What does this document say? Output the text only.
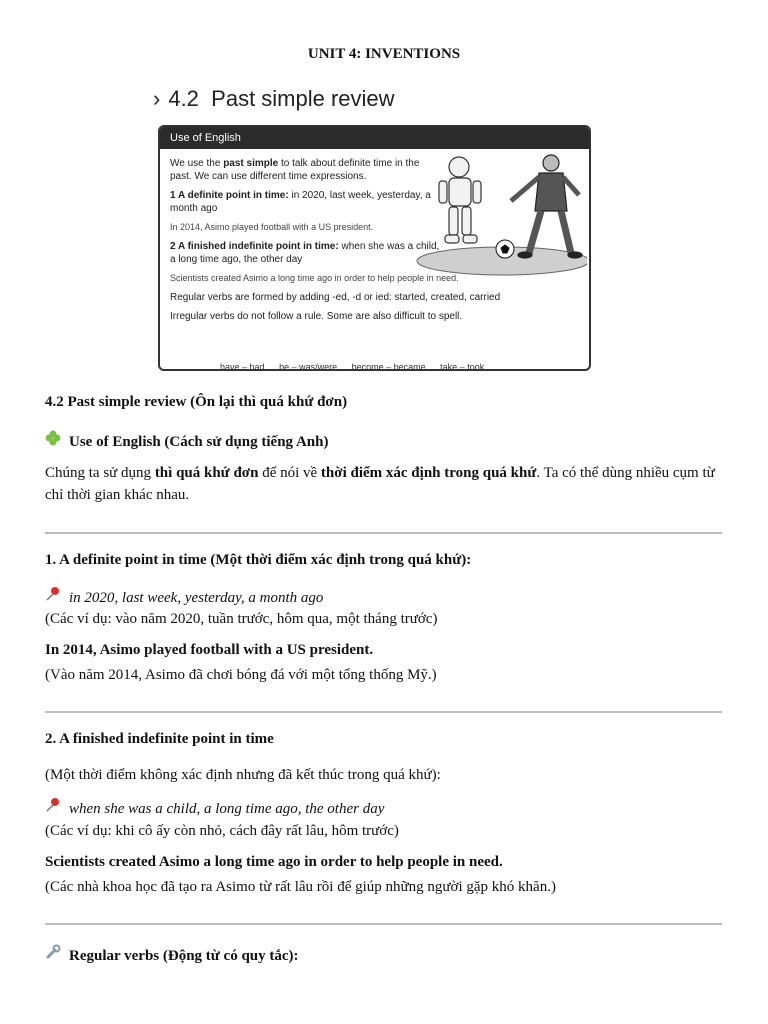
UNIT 4: INVENTIONS
› 4.2 Past simple review
Use of English

We use the past simple to talk about definite time in the past. We can use different time expressions.

1 A definite point in time: in 2020, last week, yesterday, a month ago

In 2014, Asimo played football with a US president.

2 A finished indefinite point in time: when she was a child, a long time ago, the other day

Scientists created Asimo a long time ago in order to help people in need.

Regular verbs are formed by adding -ed, -d or ied: started, created, carried

Irregular verbs do not follow a rule. Some are also difficult to spell.

have – had be – was/were become – became take – took
4.2 Past simple review (Ôn lại thì quá khứ đơn)
Use of English (Cách sử dụng tiếng Anh)
Chúng ta sử dụng thì quá khứ đơn để nói về thời điểm xác định trong quá khứ. Ta có thể dùng nhiều cụm từ chỉ thời gian khác nhau.
1. A definite point in time (Một thời điểm xác định trong quá khứ):
in 2020, last week, yesterday, a month ago
(Các ví dụ: vào năm 2020, tuần trước, hôm qua, một tháng trước)
In 2014, Asimo played football with a US president.
(Vào năm 2014, Asimo đã chơi bóng đá với một tổng thống Mỹ.)
2. A finished indefinite point in time
(Một thời điểm không xác định nhưng đã kết thúc trong quá khứ):
when she was a child, a long time ago, the other day
(Các ví dụ: khi cô ấy còn nhỏ, cách đây rất lâu, hôm trước)
Scientists created Asimo a long time ago in order to help people in need.
(Các nhà khoa học đã tạo ra Asimo từ rất lâu rồi để giúp những người gặp khó khăn.)
Regular verbs (Động từ có quy tắc):
